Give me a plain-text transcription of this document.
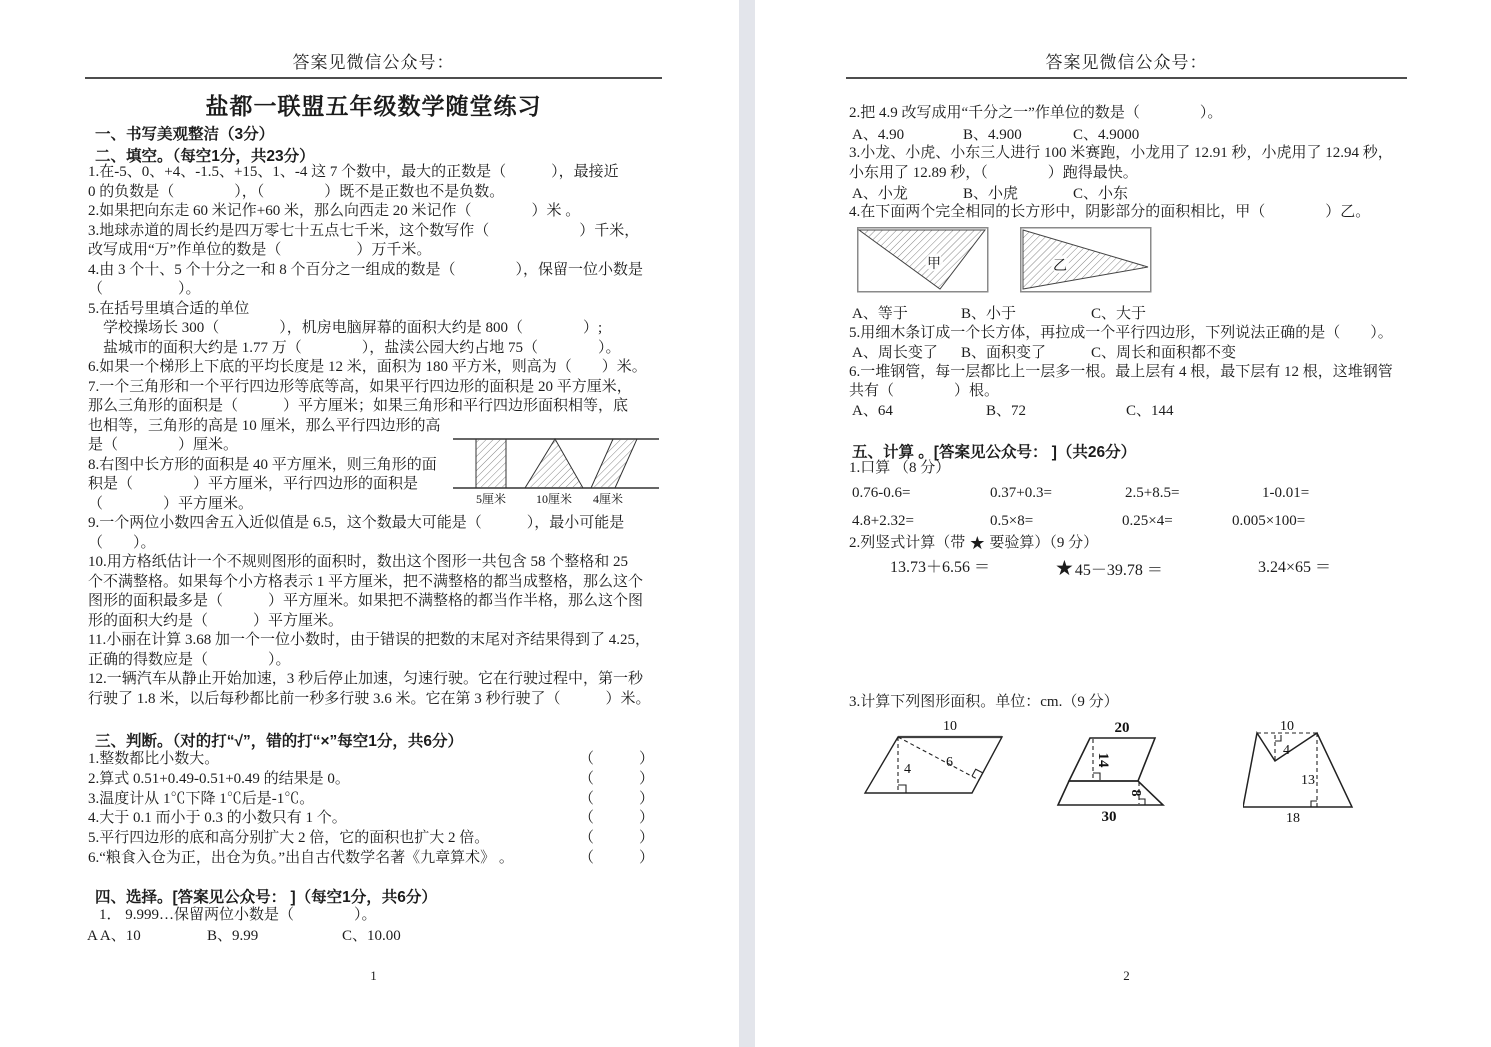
答案见微信公众号：
盐都一联盟五年级数学随堂练习
一、书写美观整洁（3分）
二、填空。（每空1分，共23分）
1.在-5、0、+4、-1.5、+15、1、-4 这 7 个数中，最大的正数是（　　　），最接近
0 的负数是（　　　　），（　　　　）既不是正数也不是负数。
2.如果把向东走 60 米记作+60 米，那么向西走 20 米记作（　　　　）米 。
3.地球赤道的周长约是四万零七十五点七千米，这个数写作（　　　　　　）千米，
改写成用“万”作单位的数是（　　　　　）万千米。
4.由 3 个十、5 个十分之一和 8 个百分之一组成的数是（　　　　），保留一位小数是
（　　　　　）。
5.在括号里填合适的单位
　学校操场长 300（　　　　），机房电脑屏幕的面积大约是 800（　　　　）;
　盐城市的面积大约是 1.77 万（　　　　），盐渎公园大约占地 75（　　　　）。
6.如果一个梯形上下底的平均长度是 12 米，面积为 180 平方米，则高为（　　）米。
7.一个三角形和一个平行四边形等底等高，如果平行四边形的面积是 20 平方厘米，
那么三角形的面积是（　　　）平方厘米；如果三角形和平行四边形面积相等，底
也相等，三角形的高是 10 厘米，那么平行四边形的高
是（　　　　）厘米。
8.右图中长方形的面积是 40 平方厘米，则三角形的面
积是（　　　　）平方厘米，平行四边形的面积是
（　　　　）平方厘米。
9.一个两位小数四舍五入近似值是 6.5，这个数最大可能是（　　　），最小可能是
（　　）。
10.用方格纸估计一个不规则图形的面积时，数出这个图形一共包含 58 个整格和 25
个不满整格。如果每个小方格表示 1 平方厘米，把不满整格的都当成整格，那么这个
图形的面积最多是（　　　）平方厘米。如果把不满整格的都当作半格，那么这个图
形的面积大约是（　　　）平方厘米。
11.小丽在计算 3.68 加一个一位小数时，由于错误的把数的末尾对齐结果得到了 4.25，
正确的得数应是（　　　　）。
12.一辆汽车从静止开始加速，3 秒后停止加速，匀速行驶。它在行驶过程中，第一秒
行驶了 1.8 米，以后每秒都比前一秒多行驶 3.6 米。它在第 3 秒行驶了（　　　）米。
5厘米 10厘米 4厘米
三、判断。（对的打“√”，错的打“×”每空1分，共6分）
1.整数都比小数大。	（　　　）
2.算式 0.51+0.49-0.51+0.49 的结果是 0。	（　　　）
3.温度计从 1℃下降 1℃后是-1℃。	（　　　）
4.大于 0.1 而小于 0.3 的小数只有 1 个。	（　　　）
5.平行四边形的底和高分别扩大 2 倍，它的面积也扩大 2 倍。	（　　　）
6.“粮食入仓为正，出仓为负。”出自古代数学名著《九章算术》 。	（　　　）
四、选择。[答案见公众号： ]（每空1分，共6分）
1． 9.999…保留两位小数是（　　　　）。
A A、10	B、9.99	C、10.00
1
答案见微信公众号：
2.把 4.9 改写成用“千分之一”作单位的数是（　　　　）。
A、4.90	B、4.900	C、4.9000
3.小龙、小虎、小东三人进行 100 米赛跑，小龙用了 12.91 秒，小虎用了 12.94 秒，
小东用了 12.89 秒，（　　　　）跑得最快。
A、小龙	B、小虎	C、小东
4.在下面两个完全相同的长方形中，阴影部分的面积相比，甲（　　　　）乙。
甲	乙
A、等于	B、小于	C、大于
5.用细木条订成一个长方体，再拉成一个平行四边形，下列说法正确的是（　　）。
A、周长变了	B、面积变了	C、周长和面积都不变
6.一堆钢管，每一层都比上一层多一根。最上层有 4 根，最下层有 12 根，这堆钢管
共有（　　　　）根。
A、64	B、72	C、144
五、计算 。[答案见公众号： ]（共26分）
1.口算 （8 分）
0.76-0.6=	0.37+0.3=	2.5+8.5=	1-0.01=
4.8+2.32=	0.5×8=	0.25×4=	0.005×100=
2.列竖式计算（带 ★ 要验算）（9 分）
13.73＋6.56 ＝	★45－39.78 ＝	3.24×65 ＝
3.计算下列图形面积。单位：cm.（9 分）
10
4	6
20
14
8
30
10
4
13
18
2
